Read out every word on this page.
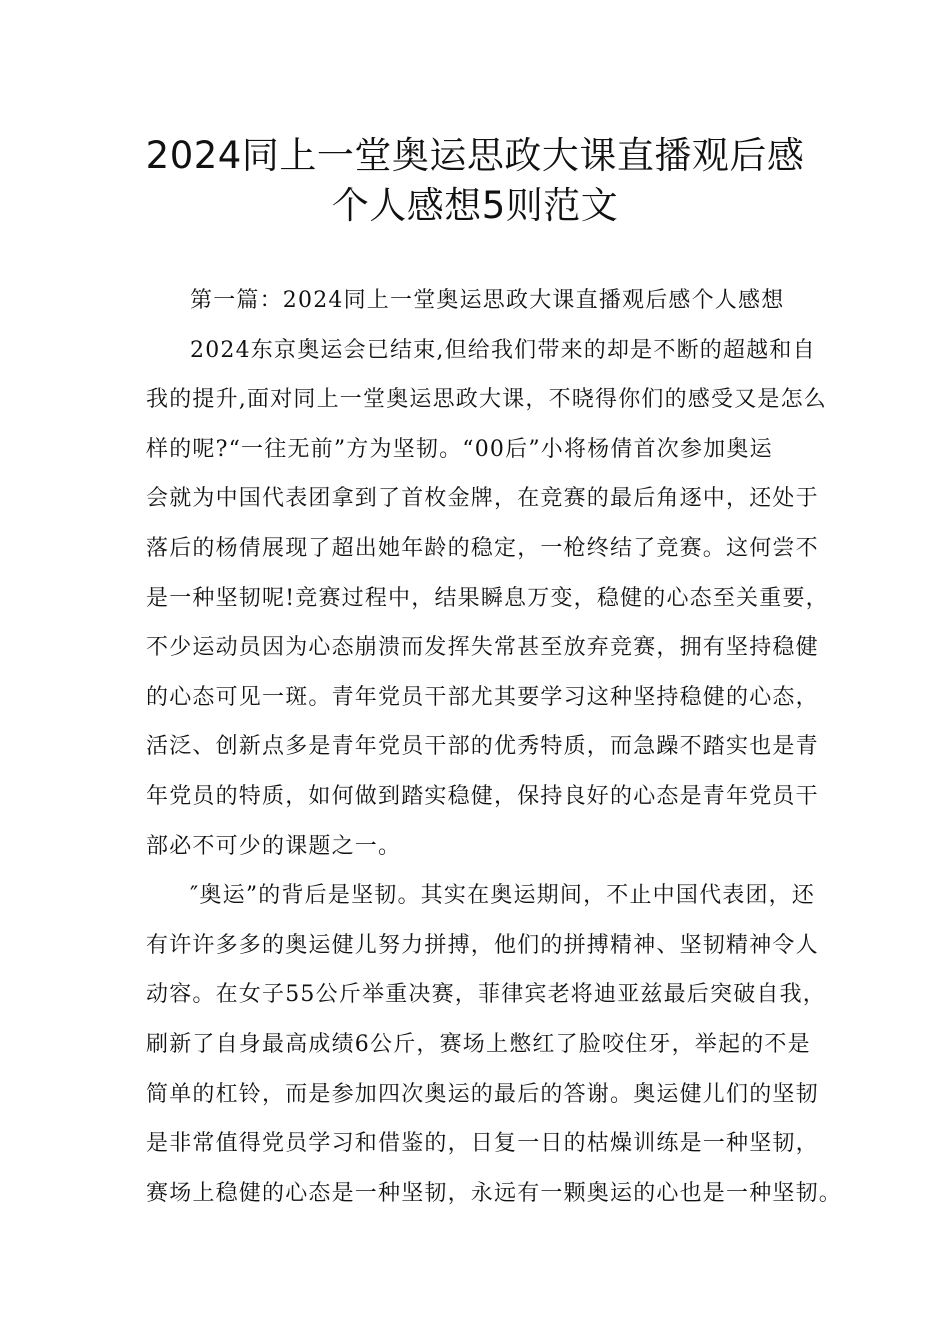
2024同上一堂奥运思政大课直播观后感
个人感想5则范文
第一篇：2024同上一堂奥运思政大课直播观后感个人感想
2024东京奥运会已结束,但给我们带来的却是不断的超越和自
我的提升,面对同上一堂奥运思政大课，不晓得你们的感受又是怎么
样的呢?“一往无前”方为坚韧。“00后”小将杨倩首次参加奥运
会就为中国代表团拿到了首枚金牌，在竞赛的最后角逐中，还处于
落后的杨倩展现了超出她年龄的稳定，一枪终结了竞赛。这何尝不
是一种坚韧呢!竞赛过程中，结果瞬息万变，稳健的心态至关重要，
不少运动员因为心态崩溃而发挥失常甚至放弃竞赛，拥有坚持稳健
的心态可见一斑。青年党员干部尤其要学习这种坚持稳健的心态，
活泛、创新点多是青年党员干部的优秀特质，而急躁不踏实也是青
年党员的特质，如何做到踏实稳健，保持良好的心态是青年党员干
部必不可少的课题之一。
″奥运”的背后是坚韧。其实在奥运期间，不止中国代表团，还
有许许多多的奥运健儿努力拼搏，他们的拼搏精神、坚韧精神令人
动容。在女子55公斤举重决赛，菲律宾老将迪亚兹最后突破自我，
刷新了自身最高成绩6公斤，赛场上憋红了脸咬住牙，举起的不是
简单的杠铃，而是参加四次奥运的最后的答谢。奥运健儿们的坚韧
是非常值得党员学习和借鉴的，日复一日的枯燥训练是一种坚韧，
赛场上稳健的心态是一种坚韧，永远有一颗奥运的心也是一种坚韧。
